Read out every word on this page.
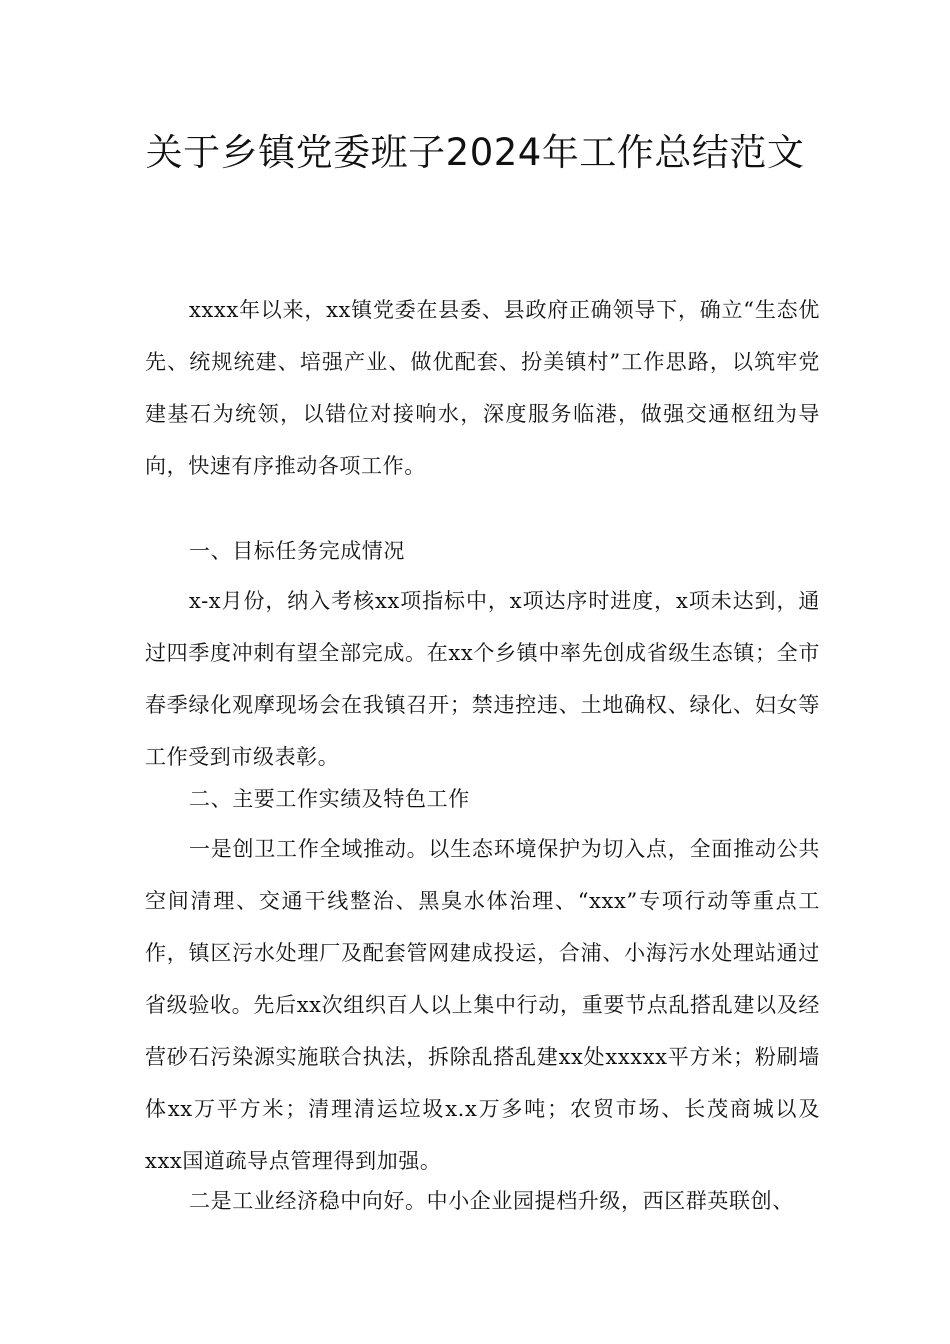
关于乡镇党委班子2024年工作总结范文

xxxx年以来，xx镇党委在县委、县政府正确领导下，确立“生态优先、统规统建、培强产业、做优配套、扮美镇村”工作思路，以筑牢党建基石为统领，以错位对接响水，深度服务临港，做强交通枢纽为导向，快速有序推动各项工作。

一、目标任务完成情况

x-x月份，纳入考核xx项指标中，x项达序时进度，x项未达到，通过四季度冲刺有望全部完成。在xx个乡镇中率先创成省级生态镇；全市春季绿化观摩现场会在我镇召开；禁违控违、土地确权、绿化、妇女等工作受到市级表彰。

二、主要工作实绩及特色工作

一是创卫工作全域推动。以生态环境保护为切入点，全面推动公共空间清理、交通干线整治、黑臭水体治理、“xxx”专项行动等重点工作，镇区污水处理厂及配套管网建成投运，合浦、小海污水处理站通过省级验收。先后xx次组织百人以上集中行动，重要节点乱搭乱建以及经营砂石污染源实施联合执法，拆除乱搭乱建xx处xxxxx平方米；粉刷墙体xx万平方米；清理清运垃圾x.x万多吨；农贸市场、长茂商城以及xxx国道疏导点管理得到加强。

二是工业经济稳中向好。中小企业园提档升级，西区群英联创、
